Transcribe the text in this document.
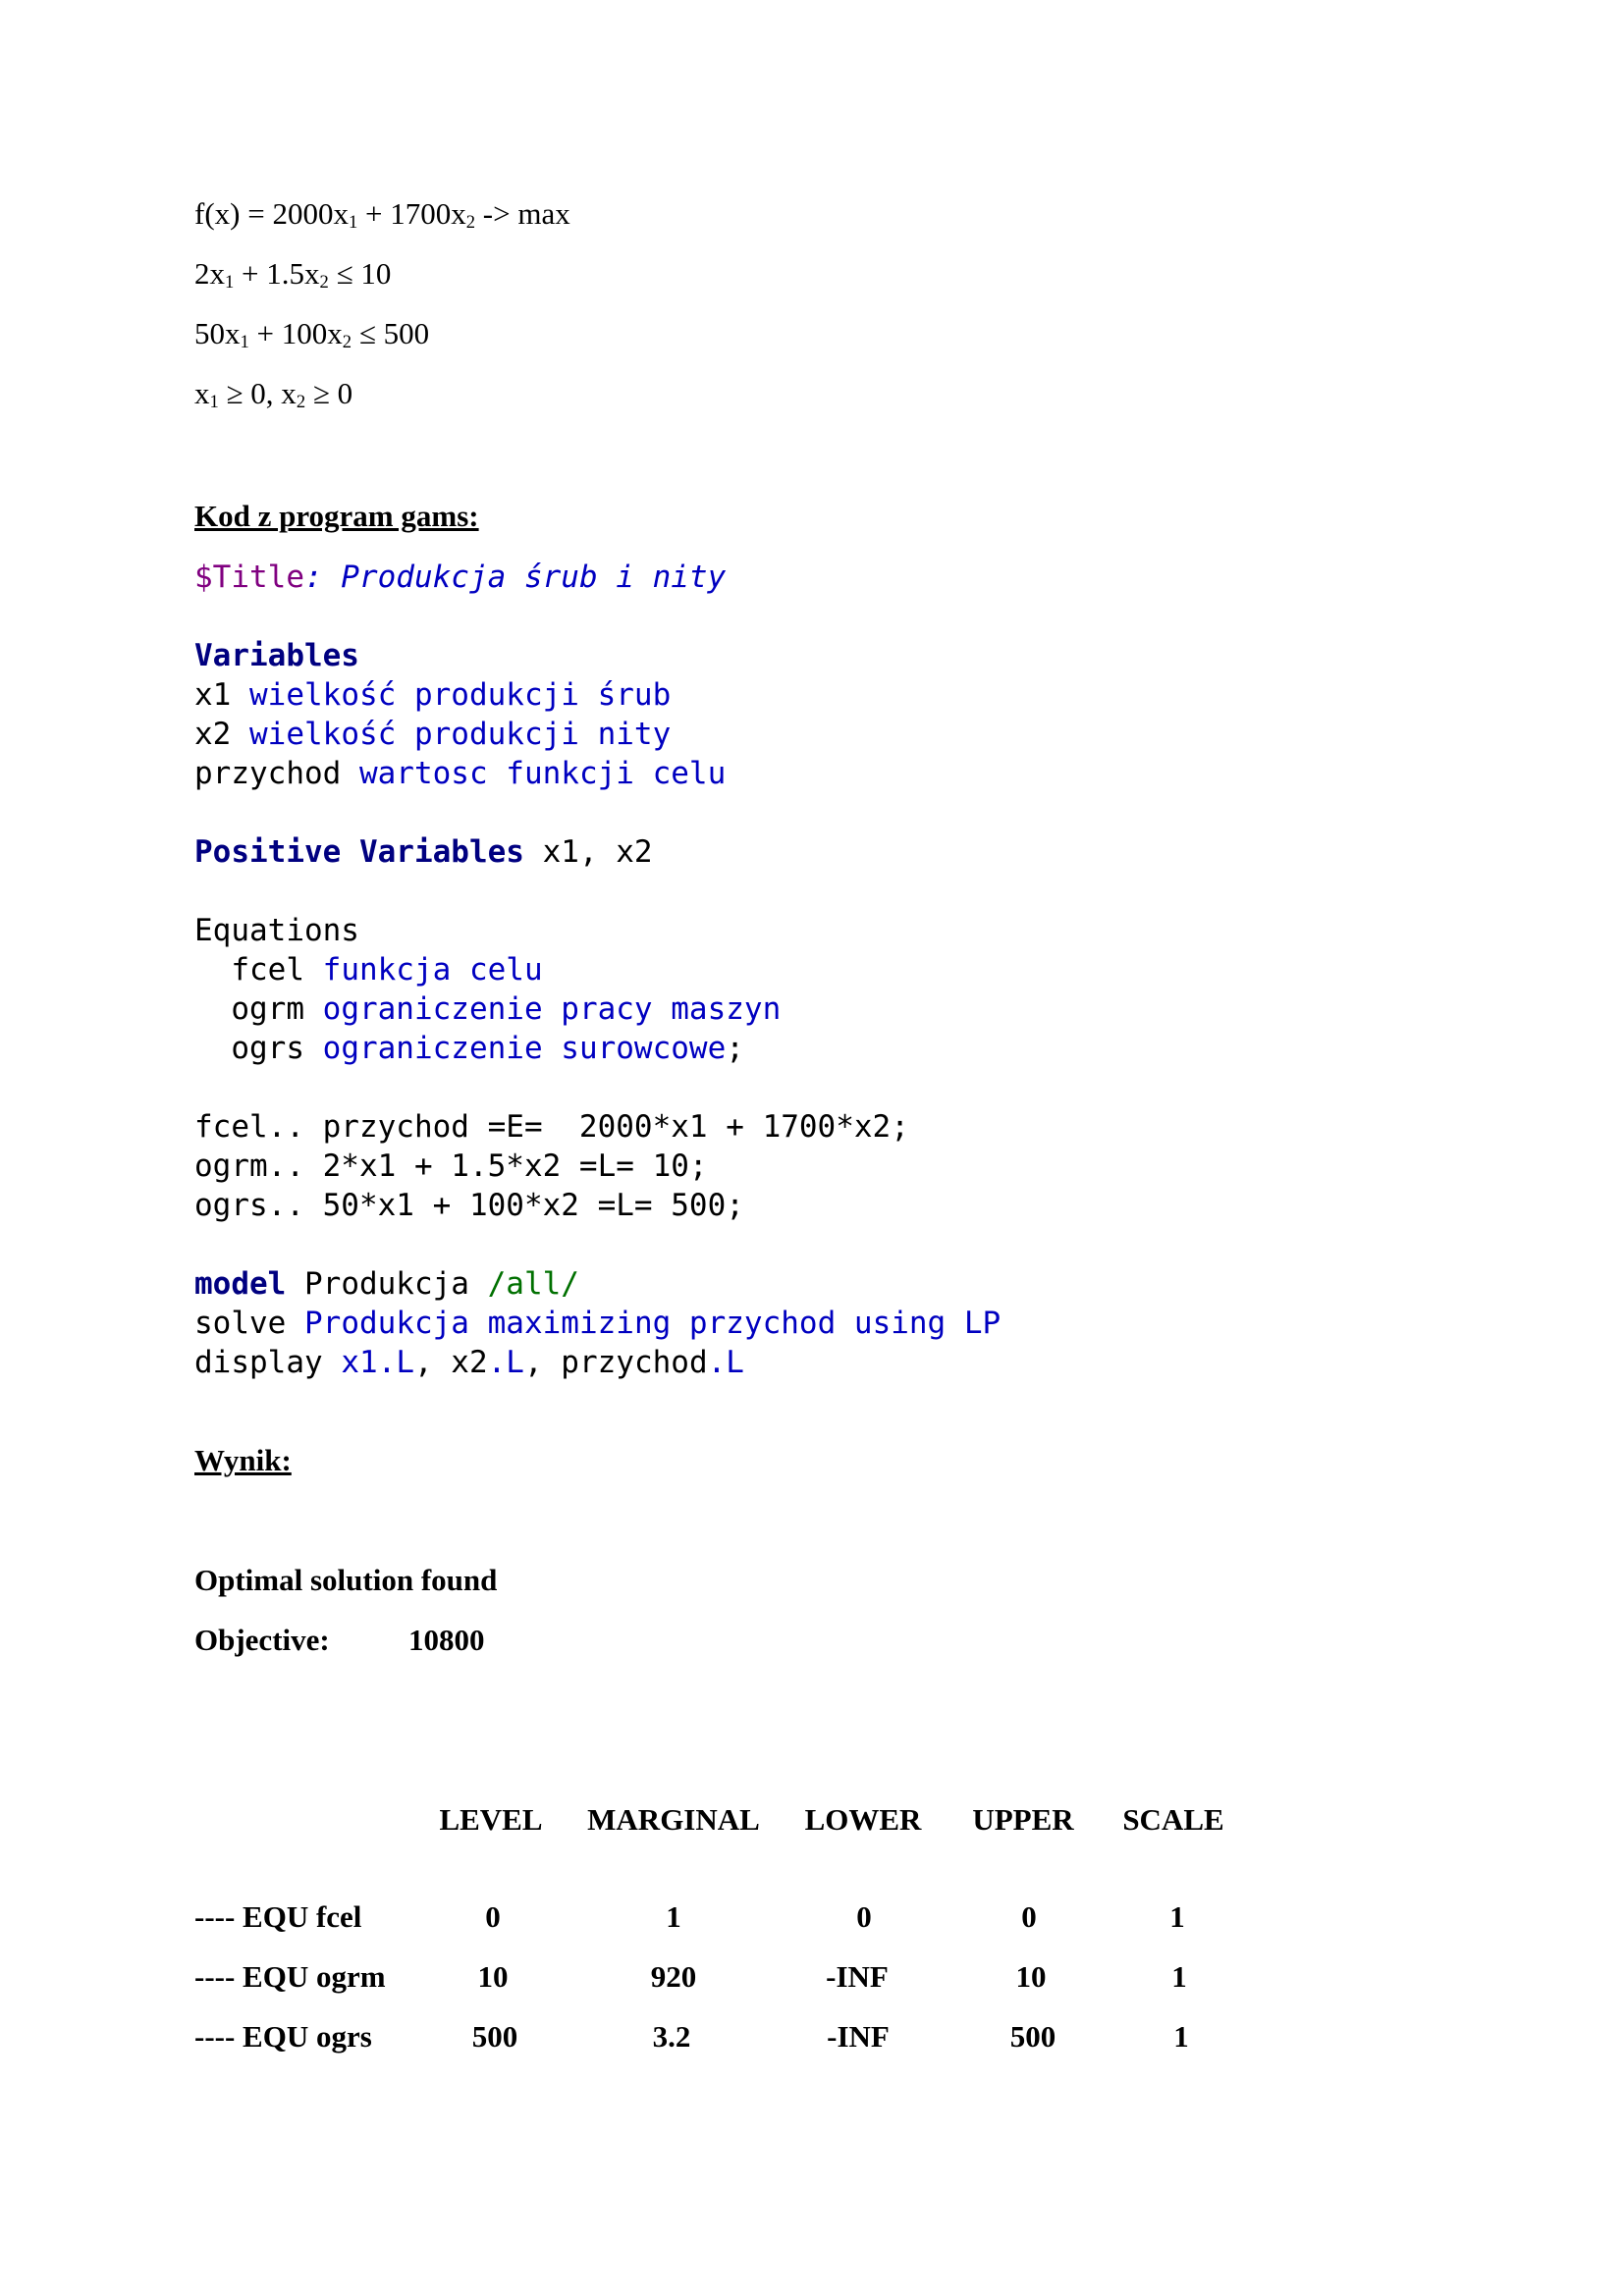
$f(x) = 2000x_1 + 1700x_2 -> \max$
$2x_1 + 1.5x_2 \le 10$
$50x_1 + 100x_2 \le 500$
$x_1 \ge 0$, $x_2 \ge 0$
Kod z program gams:
$Title: Produkcja śrub i nity
Variables
x1 wielkość produkcji śrub
x2 wielkość produkcji nity
przychod wartosc funkcji celu
Positive Variables x1, x2
Equations
fcel funkcja celu
ogrm ograniczenie pracy maszyn
ogrs ograniczenie surowcowe;
fcel.. przychod =E=  2000*x1 + 1700*x2;
ogrm.. 2*x1 + 1.5*x2 =L= 10;
ogrs.. 50*x1 + 100*x2 =L= 500;
model Produkcja /all/
solve Produkcja maximizing przychod using LP
display x1.L, x2.L, przychod.L
Wynik:
Optimal solution found
Objective:	10800
LEVEL MARGINAL LOWER UPPER SCALE
---- EQU fcel	0	1	0	0	1
---- EQU ogrm	10	920	-INF	10	1
---- EQU ogrs	500	3.2	-INF	500	1
